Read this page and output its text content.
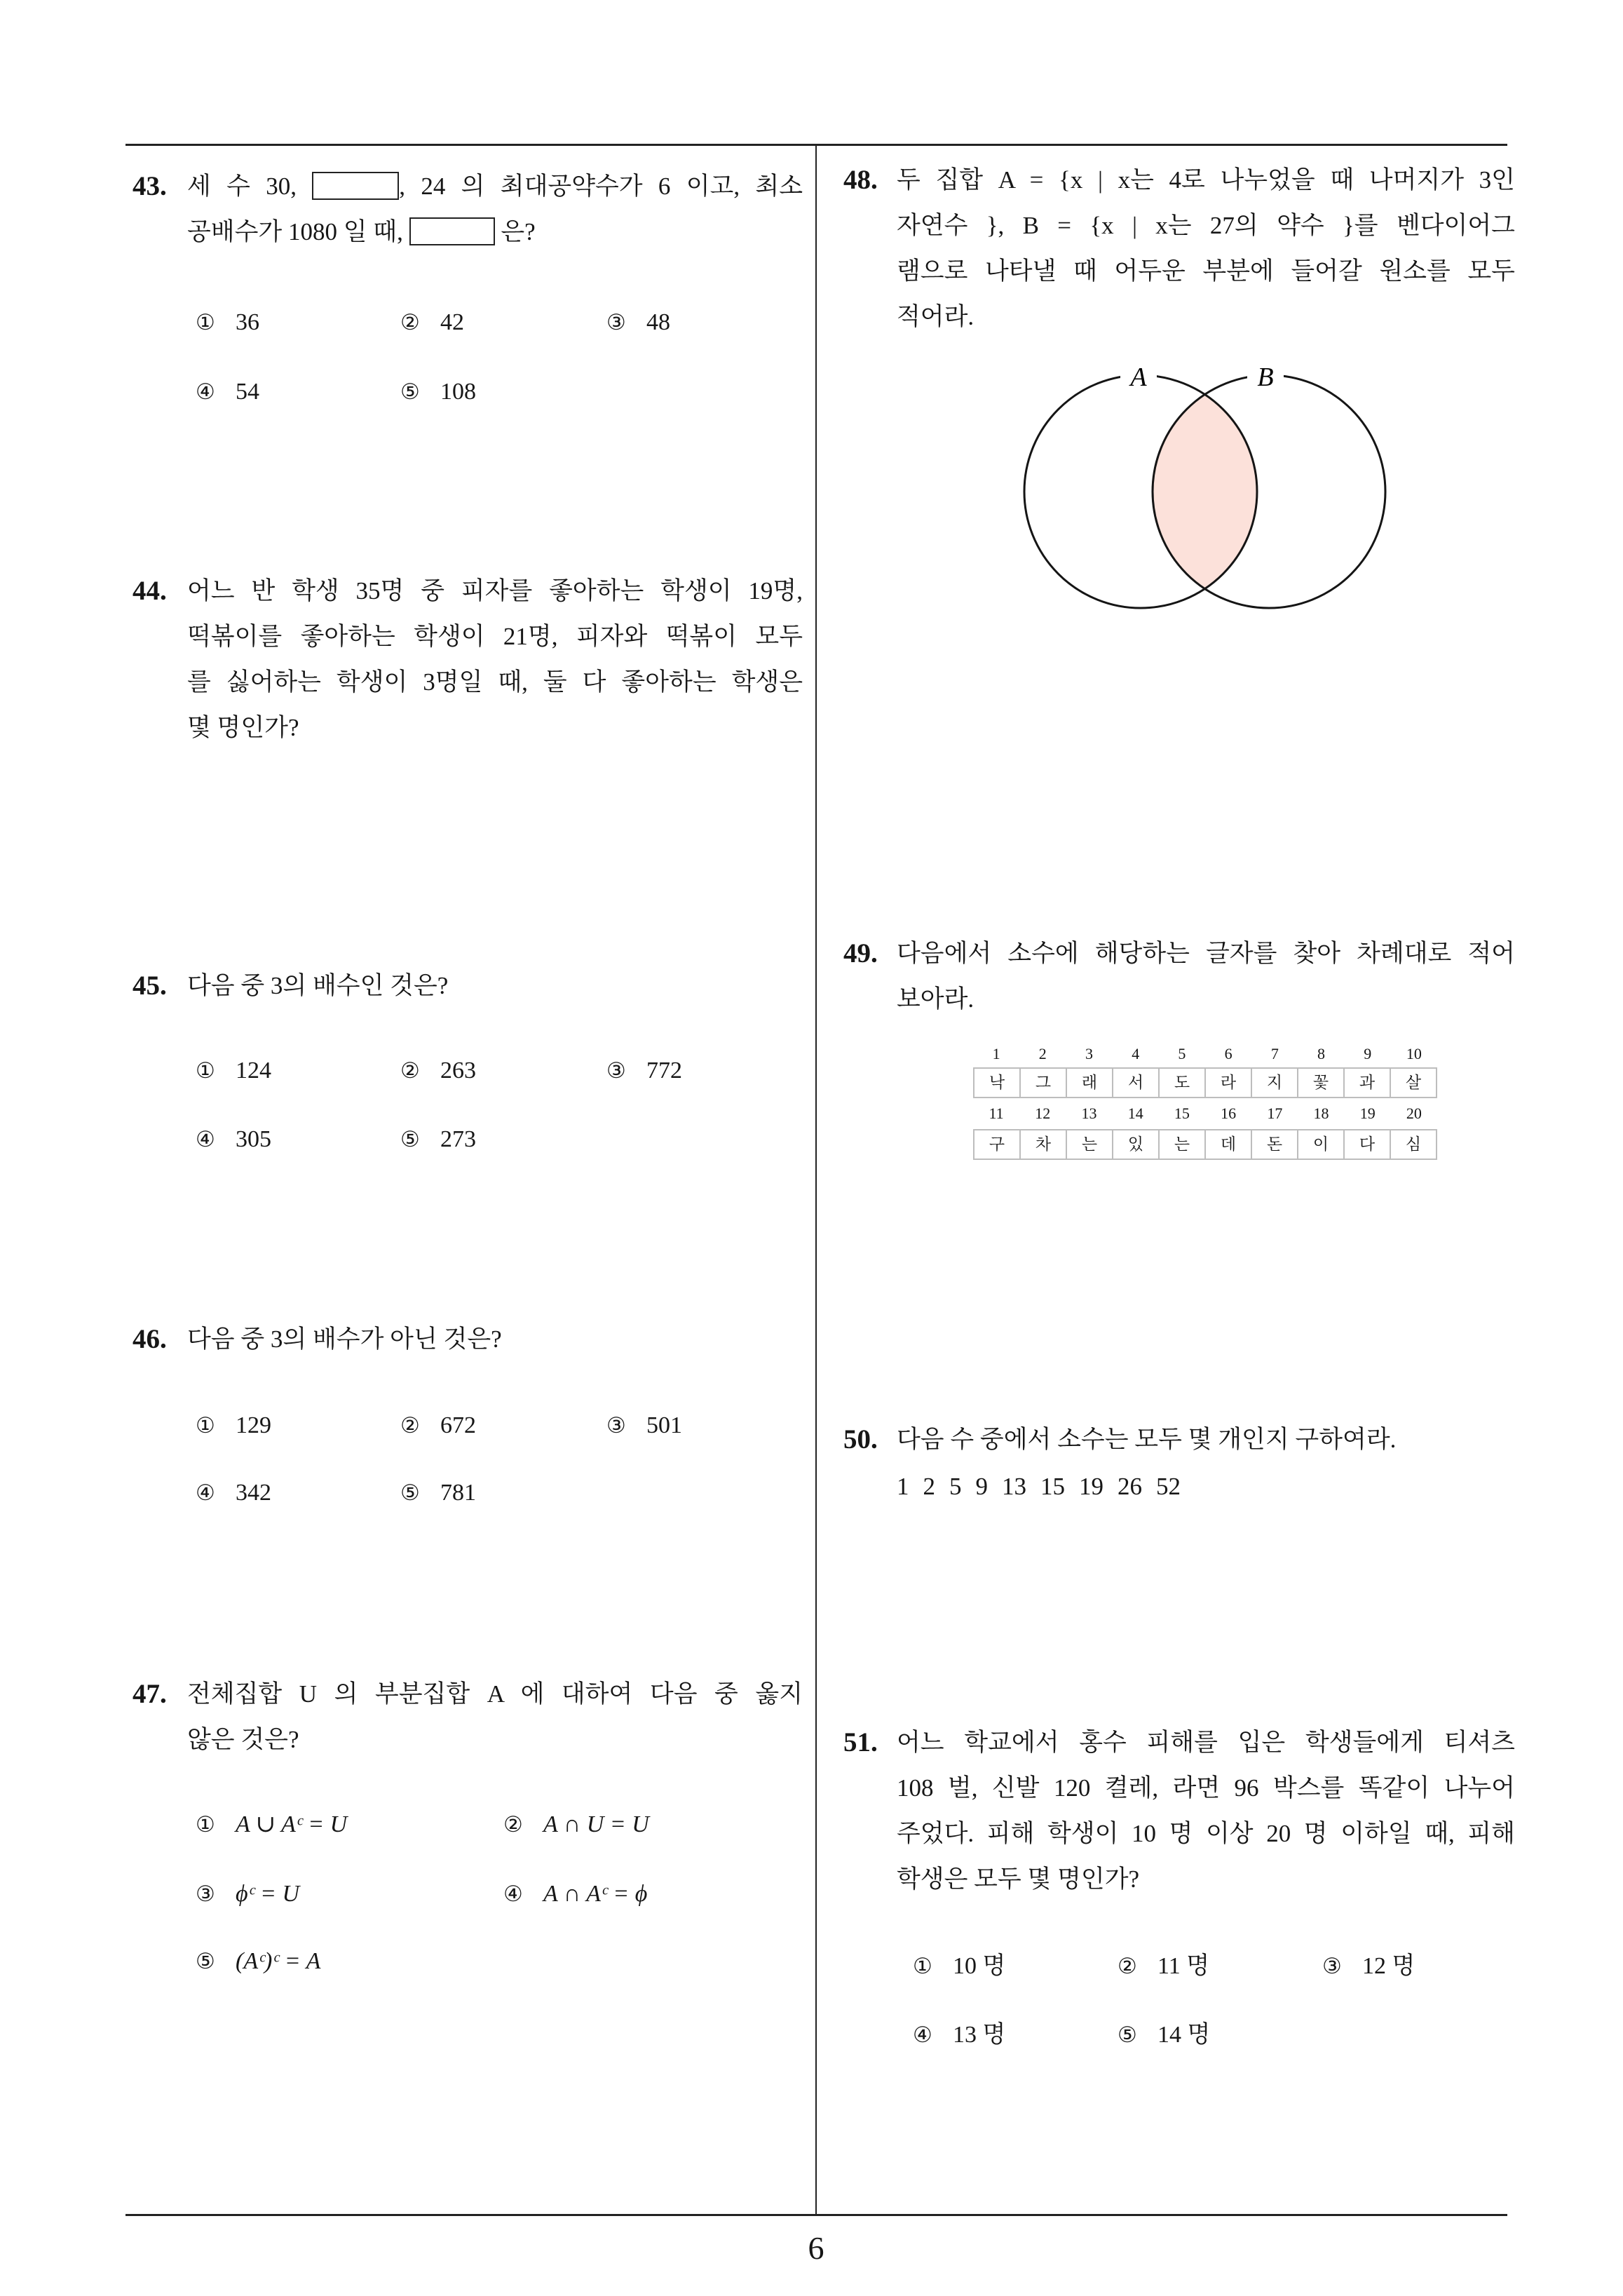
6
43. 세 수 30,	, 24 의 최대공약수가 6 이고, 최소
공배수가 1080 일 때,	은?
① 36	② 42	③ 48
④ 54	⑤ 108
44. 어느 반 학생 35명 중 피자를 좋아하는 학생이 19명,
떡볶이를 좋아하는 학생이 21명, 피자와 떡볶이 모두
를 싫어하는 학생이 3명일 때, 둘 다 좋아하는 학생은
몇 명인가?
45. 다음 중 3의 배수인 것은?
① 124	② 263	③ 772
④ 305	⑤ 273
46. 다음 중 3의 배수가 아닌 것은?
① 129	② 672	③ 501
④ 342	⑤ 781
47. 전체집합 U 의 부분집합 A 에 대하여 다음 중 옳지
않은 것은?
① A ∪ Aᶜ = U	② A ∩ U = U
③ ϕᶜ = U	④ A ∩ Aᶜ = ϕ
⑤ (Aᶜ)ᶜ = A
48. 두 집합 A = {x | x는 4로 나누었을 때 나머지가 3인
자연수 }, B = {x | x는 27의 약수 }를 벤다이어그
램으로 나타낼 때 어두운 부분에 들어갈 원소를 모두
적어라.
A	B
49. 다음에서 소수에 해당하는 글자를 찾아 차례대로 적어
보아라.
1	2	3	4	5	6	7	8	9	10
낙	그	래	서	도	라	지	꽃	과	살
11	12	13	14	15	16	17	18	19	20
구	차	는	있	는	데	돈	이	다	심
50. 다음 수 중에서 소수는 모두 몇 개인지 구하여라.
1 2 5 9 13 15 19 26 52
51. 어느 학교에서 홍수 피해를 입은 학생들에게 티셔츠
108 벌, 신발 120 켤레, 라면 96 박스를 똑같이 나누어
주었다. 피해 학생이 10 명 이상 20 명 이하일 때, 피해
학생은 모두 몇 명인가?
① 10 명	② 11 명	③ 12 명
④ 13 명	⑤ 14 명
